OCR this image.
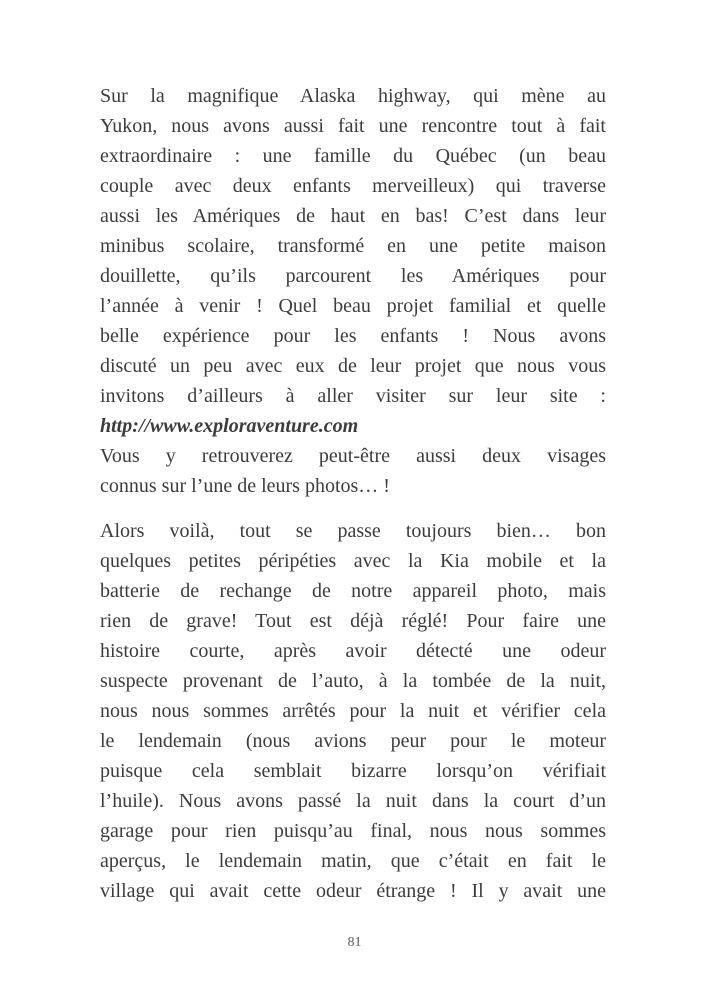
Sur la magnifique Alaska highway, qui mène au
Yukon, nous avons aussi fait une rencontre tout à fait
extraordinaire : une famille du Québec (un beau
couple avec deux enfants merveilleux) qui traverse
aussi les Amériques de haut en bas! C’est dans leur
minibus scolaire, transformé en une petite maison
douillette, qu’ils parcourent les Amériques pour
l’année à venir ! Quel beau projet familial et quelle
belle expérience pour les enfants ! Nous avons
discuté un peu avec eux de leur projet que nous vous
invitons d’ailleurs à aller visiter sur leur site :
http://www.exploraventure.com
Vous y retrouverez peut-être aussi deux visages
connus sur l’une de leurs photos… !
Alors voilà, tout se passe toujours bien… bon
quelques petites péripéties avec la Kia mobile et la
batterie de rechange de notre appareil photo, mais
rien de grave! Tout est déjà réglé! Pour faire une
histoire courte, après avoir détecté une odeur
suspecte provenant de l’auto, à la tombée de la nuit,
nous nous sommes arrêtés pour la nuit et vérifier cela
le lendemain (nous avions peur pour le moteur
puisque cela semblait bizarre lorsqu’on vérifiait
l’huile). Nous avons passé la nuit dans la court d’un
garage pour rien puisqu’au final, nous nous sommes
aperçus, le lendemain matin, que c’était en fait le
village qui avait cette odeur étrange ! Il y avait une
81
